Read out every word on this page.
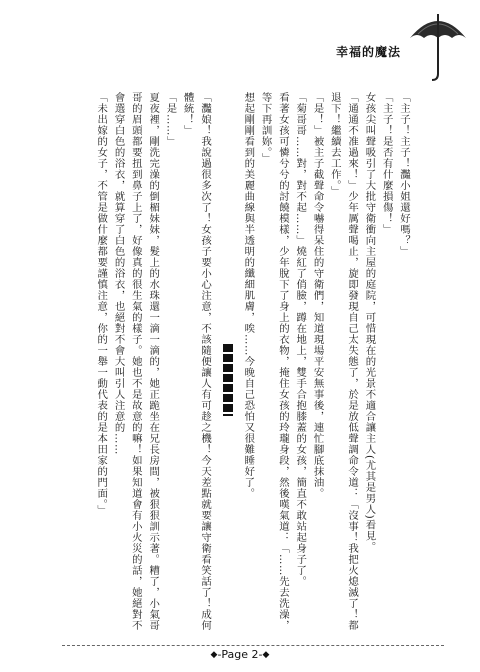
幸福的魔法

「主子！主子！灩小姐還好嗎？」

「主子！是否有什麼損傷！」

女孩尖叫聲吸引了大批守衛衝向主屋的庭院，可惜現在的光景不適合讓主人(尤其是男人)看見。

「通通不准過來！」少年厲聲喝止，旋即發現自己太失態了，於是放低聲調命令道：「沒事！我把火熄滅了！都退下！繼續去工作。」

「是！」被主子截聲命令嚇得呆住的守衛們，知道現場平安無事後，連忙腳底抹油。

「菊哥哥……對，對不起……」燒紅了俏臉，蹲在地上，雙手合抱膝蓋的女孩，簡直不敢站起身子了。

看著女孩可憐兮兮的討饒模樣，少年脫下了身上的衣物，掩住女孩的玲瓏身段，然後嘆氣道：「……先去洗澡，等下再訓妳。」

想起剛剛看到的美麗曲線與半透明的纖細肌膚，唉……今晚自己恐怕又很難睡好了。

「灩娘！我說過很多次了！女孩子要小心注意，不該隨便讓人有可趁之機！今天差點就要讓守衛看笑話了！成何體統！」

「是……」

夏夜裡，剛洗完澡的倒楣妹妹，髮上的水珠還一滴一滴的，她正跪坐在兄長房間，被狠狠訓示著。糟了，小氣哥哥的眉頭都要扭到鼻子上了，好像真的很生氣的樣子。她也不是故意的嘛！如果知道會有小火災的話，她絕對不會選穿白色的浴衣，就算穿了白色的浴衣，也絕對不會大叫引人注意的……

「未出嫁的女子，不管是做什麼都要謹慎注意，你的一舉一動代表的是本田家的門面。」

◆-Page 2-◆
